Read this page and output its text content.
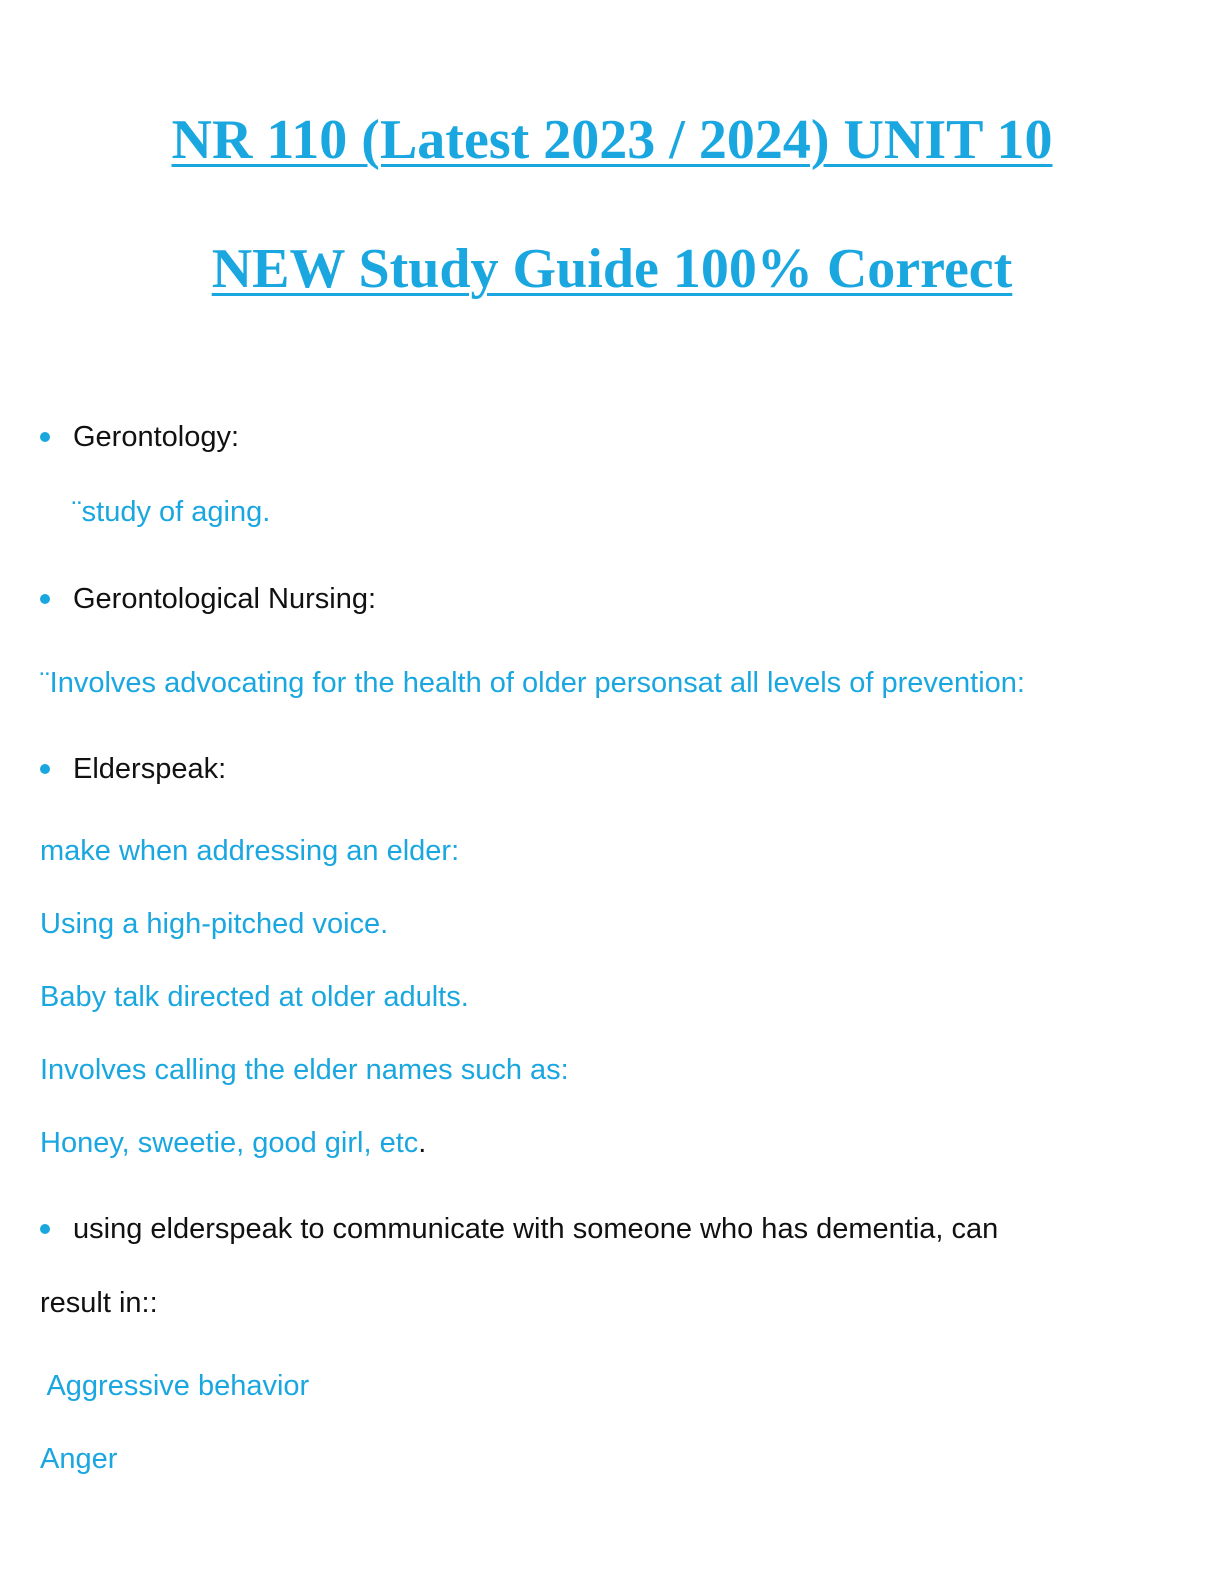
NR 110 (Latest 2023 / 2024) UNIT 10
NEW Study Guide 100% Correct
Gerontology:

¨study of aging.

Gerontological Nursing:

¨Involves advocating for the health of older personsat all levels of prevention:

Elderspeak:

make when addressing an elder:

Using a high-pitched voice.

Baby talk directed at older adults.

Involves calling the elder names such as:

Honey, sweetie, good girl, etc.

using elderspeak to communicate with someone who has dementia, can

result in::

Aggressive behavior

Anger
